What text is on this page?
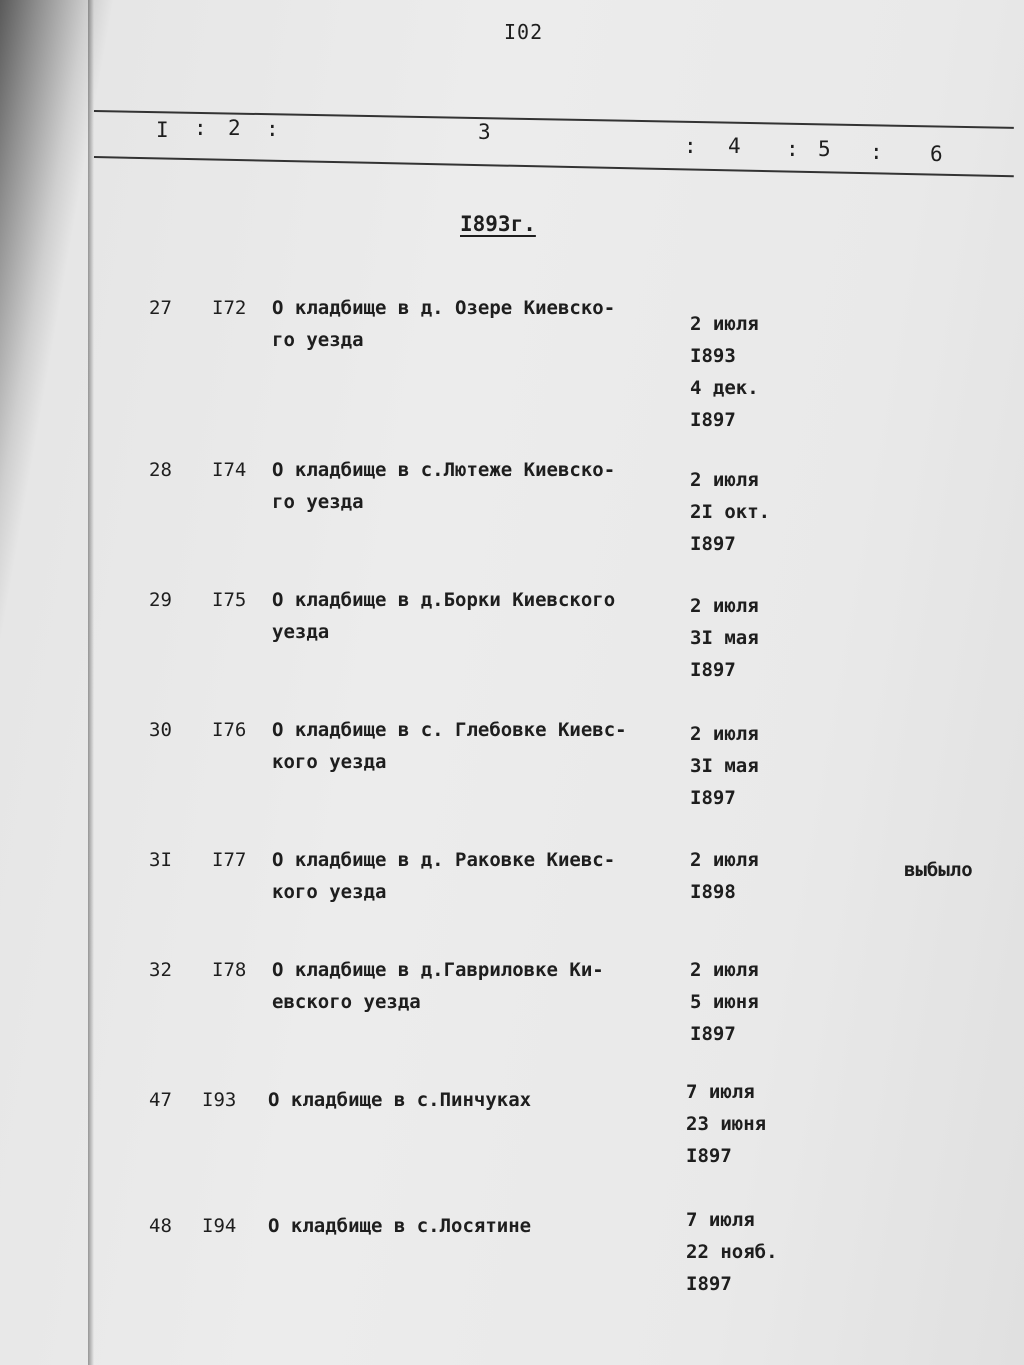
I02
I : 2 :	3
: 4 : 5 : 6
I893г.
27 I72 О кладбище в д. Озере Киевско-
го уезда
2 июля
I893
4 дек.
I897
28 I74 О кладбище в с.Лютеже Киевско-
го уезда
2 июля
2I окт.
I897
29 I75 О кладбище в д.Борки Киевского
уезда
2 июля
3I мая
I897
30 I76 О кладбище в с. Глебовке Киевс-
кого уезда
2 июля
3I мая
I897
3I I77 О кладбище в д. Раковке Киевс-
кого уезда
2 июля
I898
выбыло
32 I78 О кладбище в д.Гавриловке Ки-
евского уезда
2 июля
5 июня
I897
47 I93 О кладбище в с.Пинчуках	7 июля
23 июня
I897
48 I94 О кладбище в с.Лосятине	7 июля
22 нояб.
I897
